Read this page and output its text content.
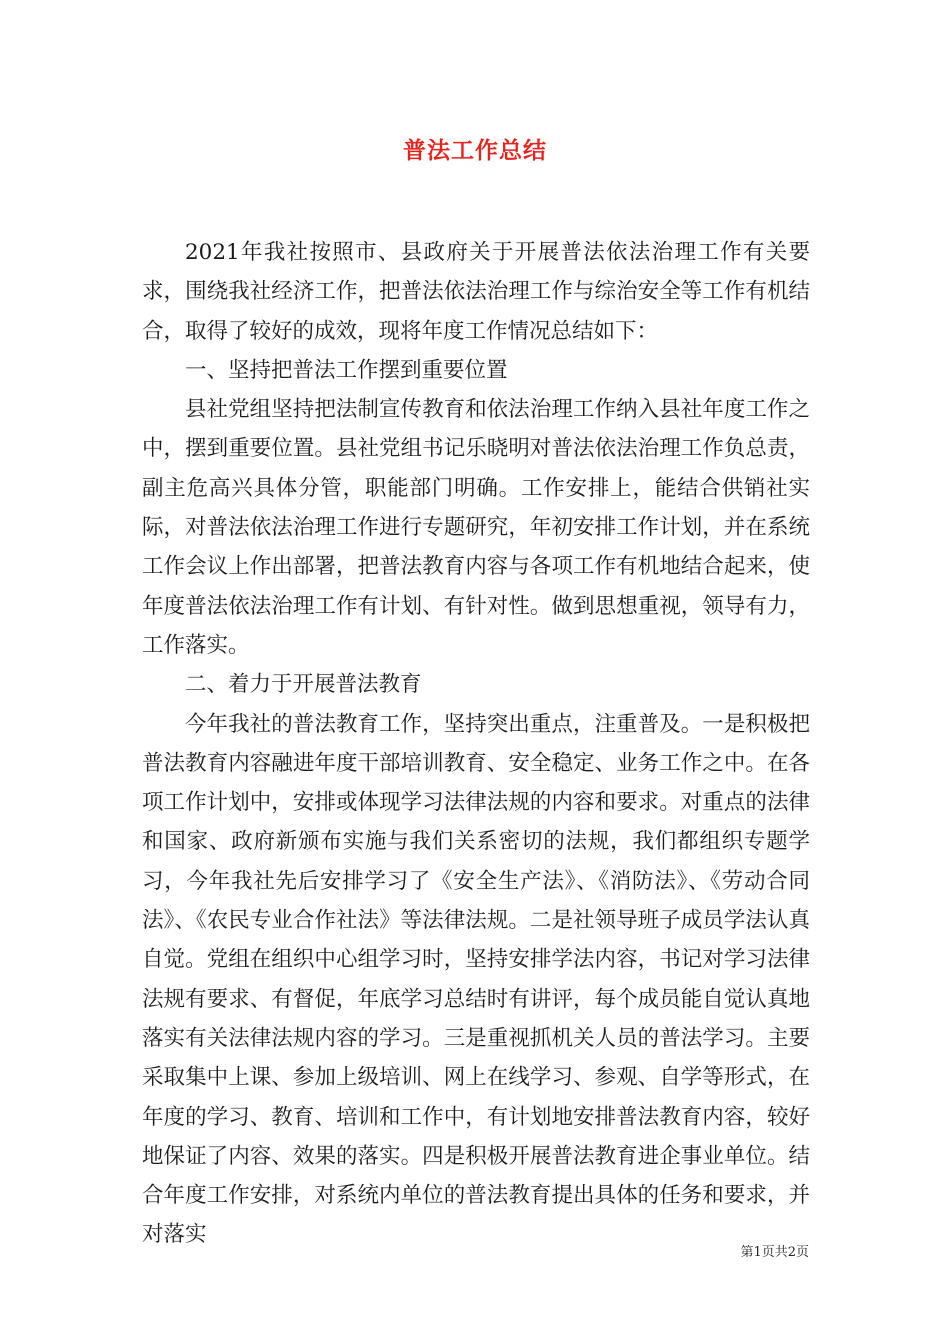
普法工作总结

2021年我社按照市、县政府关于开展普法依法治理工作有关要求，围绕我社经济工作，把普法依法治理工作与综治安全等工作有机结合，取得了较好的成效，现将年度工作情况总结如下：

一、坚持把普法工作摆到重要位置

县社党组坚持把法制宣传教育和依法治理工作纳入县社年度工作之中，摆到重要位置。县社党组书记乐晓明对普法依法治理工作负总责，副主危高兴具体分管，职能部门明确。工作安排上，能结合供销社实际，对普法依法治理工作进行专题研究，年初安排工作计划，并在系统工作会议上作出部署，把普法教育内容与各项工作有机地结合起来，使年度普法依法治理工作有计划、有针对性。做到思想重视，领导有力，工作落实。

二、着力于开展普法教育

今年我社的普法教育工作，坚持突出重点，注重普及。一是积极把普法教育内容融进年度干部培训教育、安全稳定、业务工作之中。在各项工作计划中，安排或体现学习法律法规的内容和要求。对重点的法律和国家、政府新颁布实施与我们关系密切的法规，我们都组织专题学习，今年我社先后安排学习了《安全生产法》、《消防法》、《劳动合同法》、《农民专业合作社法》等法律法规。二是社领导班子成员学法认真自觉。党组在组织中心组学习时，坚持安排学法内容，书记对学习法律法规有要求、有督促，年底学习总结时有讲评，每个成员能自觉认真地落实有关法律法规内容的学习。三是重视抓机关人员的普法学习。主要采取集中上课、参加上级培训、网上在线学习、参观、自学等形式，在年度的学习、教育、培训和工作中，有计划地安排普法教育内容，较好地保证了内容、效果的落实。四是积极开展普法教育进企事业单位。结合年度工作安排，对系统内单位的普法教育提出具体的任务和要求，并对落实

第1页共2页
